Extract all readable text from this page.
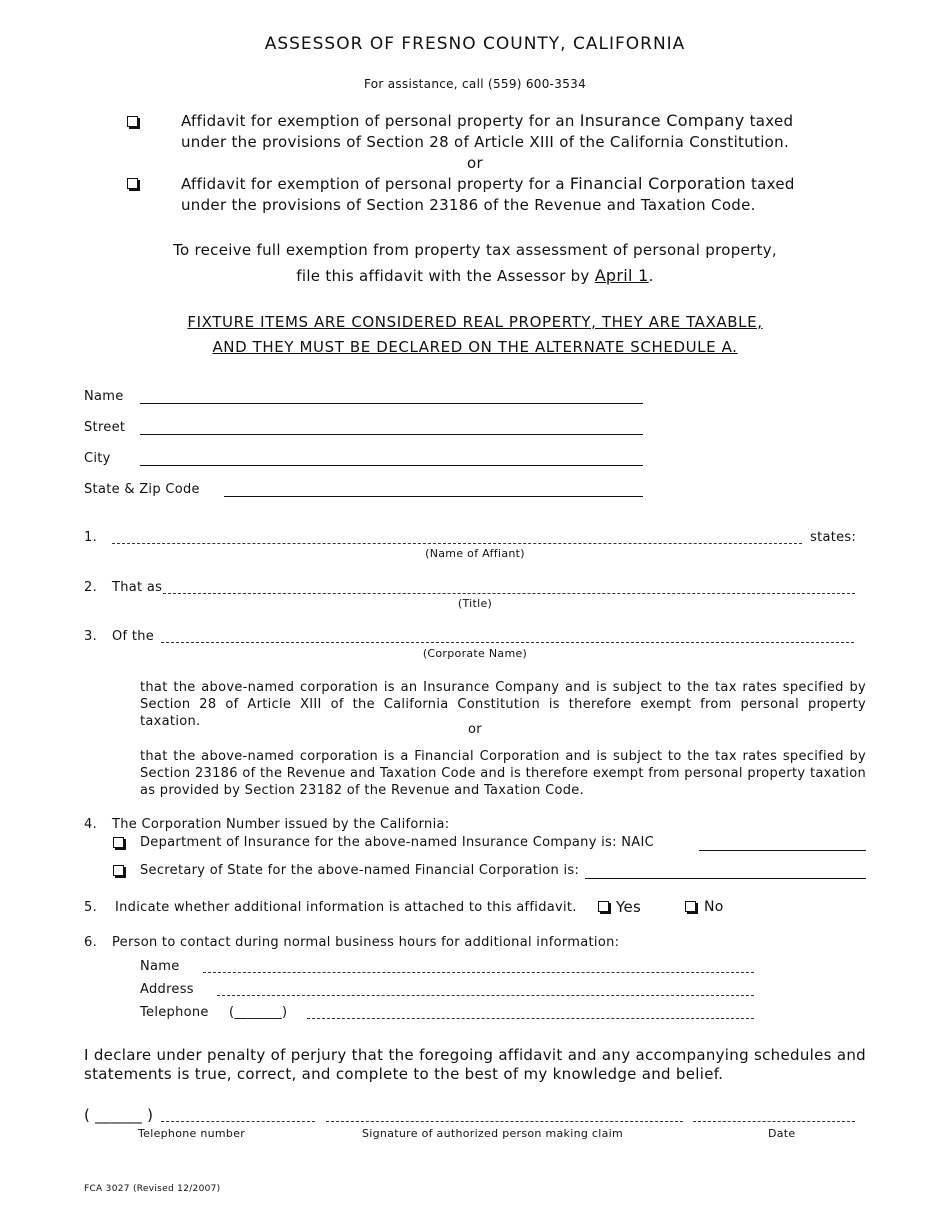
ASSESSOR OF FRESNO COUNTY, CALIFORNIA
For assistance, call (559) 600-3534
Affidavit for exemption of personal property for an Insurance Company taxed
under the provisions of Section 28 of Article XIII of the California Constitution.
or
Affidavit for exemption of personal property for a Financial Corporation taxed
under the provisions of Section 23186 of the Revenue and Taxation Code.
To receive full exemption from property tax assessment of personal property,
file this affidavit with the Assessor by April 1.
FIXTURE ITEMS ARE CONSIDERED REAL PROPERTY, THEY ARE TAXABLE,
AND THEY MUST BE DECLARED ON THE ALTERNATE SCHEDULE A.
Name
Street
City
State & Zip Code
1.	states:
(Name of Affiant)
2. That as
(Title)
3. Of the
(Corporate Name)
that the above-named corporation is an Insurance Company and is subject to the tax rates specified by Section 28 of Article XIII of the California Constitution is therefore exempt from personal property taxation.
or
that the above-named corporation is a Financial Corporation and is subject to the tax rates specified by Section 23186 of the Revenue and Taxation Code and is therefore exempt from personal property taxation as provided by Section 23182 of the Revenue and Taxation Code.
4. The Corporation Number issued by the California:
Department of Insurance for the above-named Insurance Company is: NAIC
Secretary of State for the above-named Financial Corporation is:
5. Indicate whether additional information is attached to this affidavit.	Yes	No
6. Person to contact during normal business hours for additional information:
Name
Address
Telephone (_______)
I declare under penalty of perjury that the foregoing affidavit and any accompanying schedules and statements is true, correct, and complete to the best of my knowledge and belief.
( ______ )
Telephone number	Signature of authorized person making claim	Date
FCA 3027 (Revised 12/2007)
